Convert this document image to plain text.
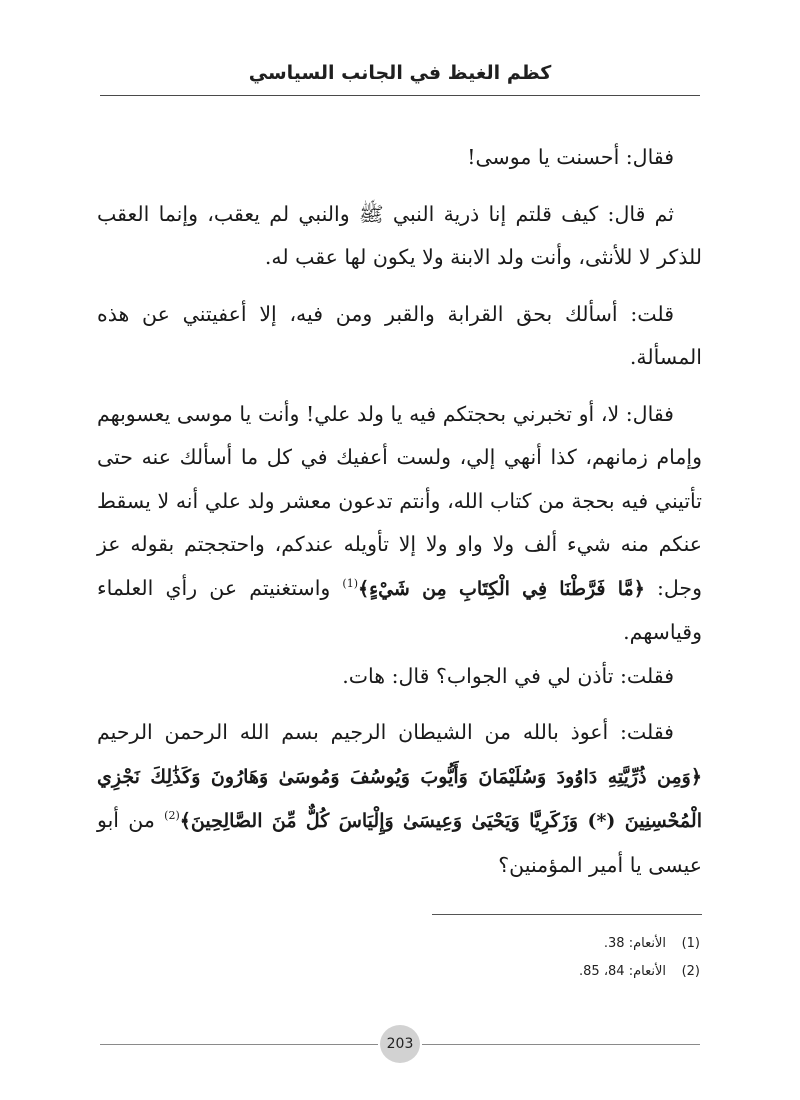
كظم الغيظ في الجانب السياسي

فقال: أحسنت يا موسى!

ثم قال: كيف قلتم إنا ذرية النبي ﷺ والنبي لم يعقب، وإنما العقب للذكر لا للأنثى، وأنت ولد الابنة ولا يكون لها عقب له.

قلت: أسألك بحق القرابة والقبر ومن فيه، إلا أعفيتني عن هذه المسألة.

فقال: لا، أو تخبرني بحجتكم فيه يا ولد علي! وأنت يا موسى يعسوبهم وإمام زمانهم، كذا أنهي إلي، ولست أعفيك في كل ما أسألك عنه حتى تأتيني فيه بحجة من كتاب الله، وأنتم تدعون معشر ولد علي أنه لا يسقط عنكم منه شيء ألف ولا واو ولا إلا تأويله عندكم، واحتججتم بقوله عز وجل: ﴿مَّا فَرَّطْنَا فِي الْكِتَابِ مِن شَيْءٍ﴾$^{(1)}$ واستغنيتم عن رأي العلماء وقياسهم.

فقلت: تأذن لي في الجواب؟ قال: هات.

فقلت: أعوذ بالله من الشيطان الرجيم بسم الله الرحمن الرحيم ﴿وَمِن ذُرِّيَّتِهِ دَاوُودَ وَسُلَيْمَانَ وَأَيُّوبَ وَيُوسُفَ وَمُوسَىٰ وَهَارُونَ وَكَذَٰلِكَ نَجْزِي الْمُحْسِنِينَ (*) وَزَكَرِيَّا وَيَحْيَىٰ وَعِيسَىٰ وَإِلْيَاسَ كُلٌّ مِّنَ الصَّالِحِينَ﴾$^{(2)}$ من أبو عيسى يا أمير المؤمنين؟

(1)الأنعام: 38.
(2)الأنعام: 84، 85.
203
